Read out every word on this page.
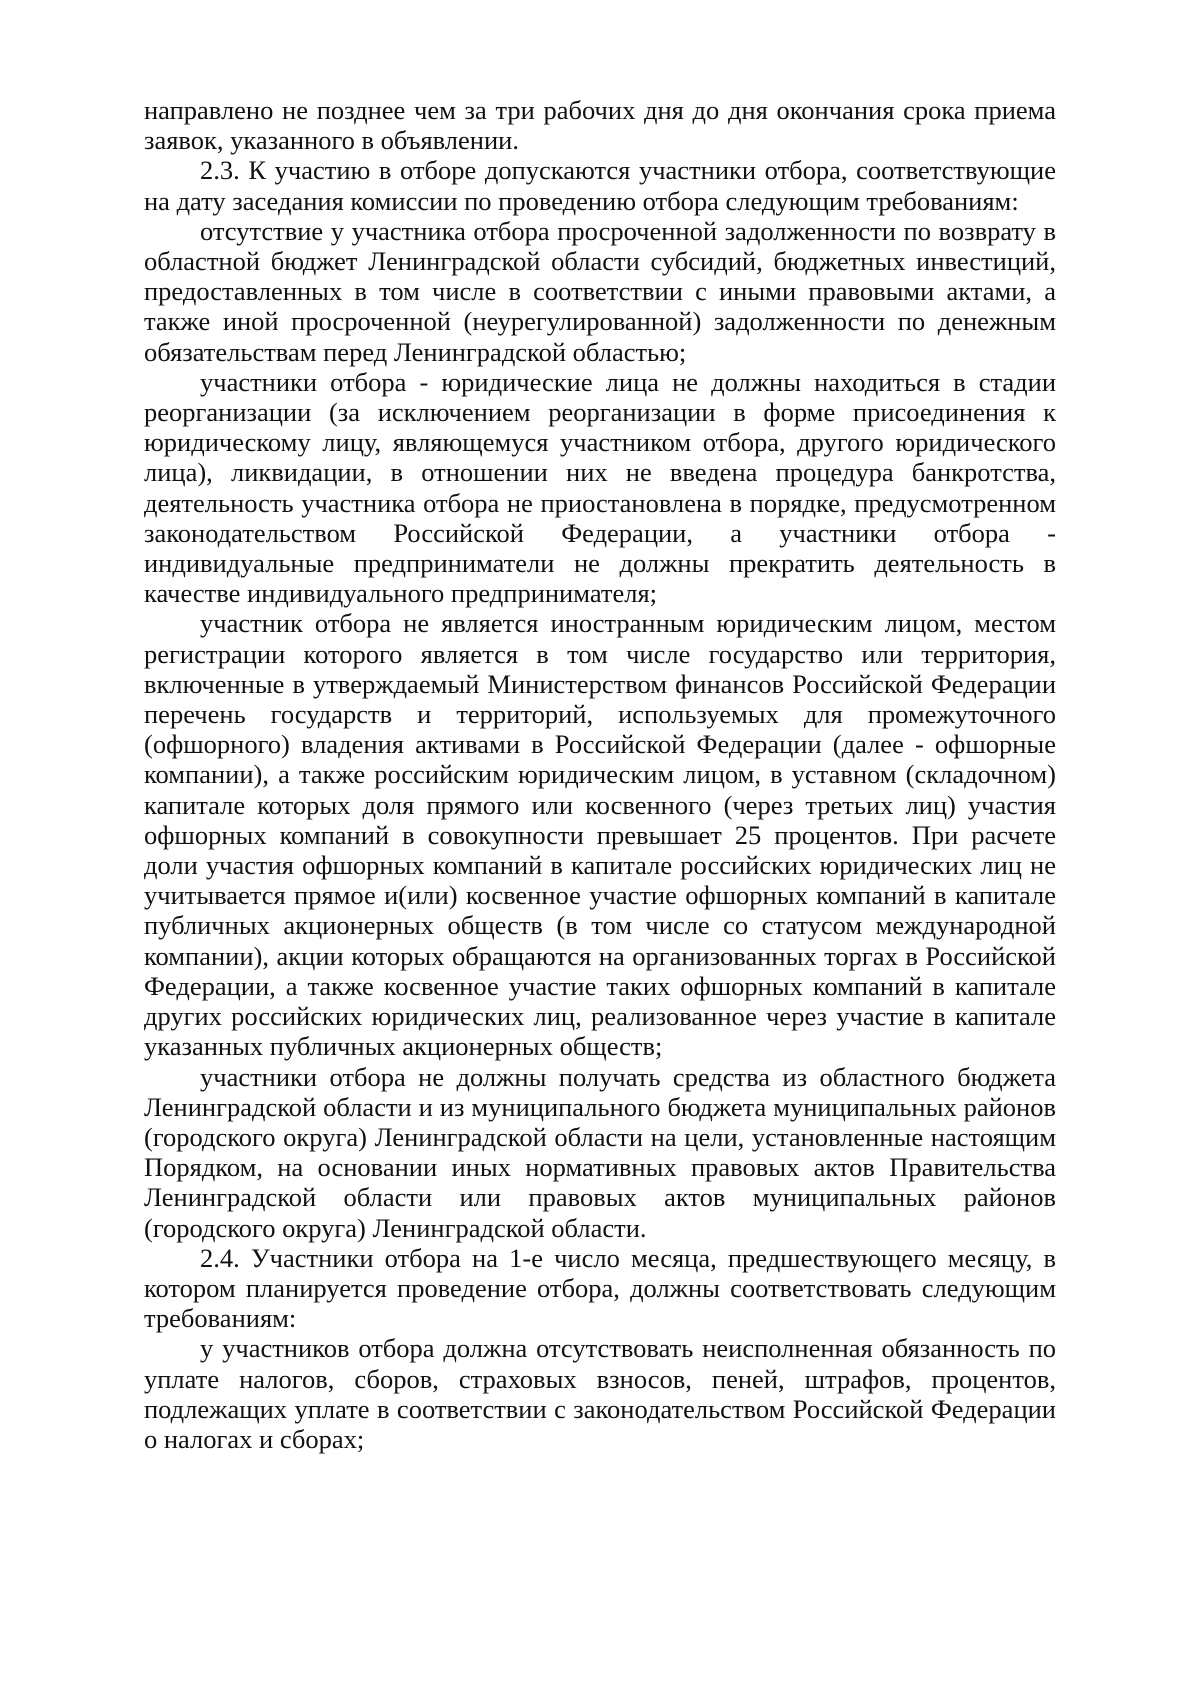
направлено не позднее чем за три рабочих дня до дня окончания срока приема заявок, указанного в объявлении.

2.3. К участию в отборе допускаются участники отбора, соответствующие на дату заседания комиссии по проведению отбора следующим требованиям:

отсутствие у участника отбора просроченной задолженности по возврату в областной бюджет Ленинградской области субсидий, бюджетных инвестиций, предоставленных в том числе в соответствии с иными правовыми актами, а также иной просроченной (неурегулированной) задолженности по денежным обязательствам перед Ленинградской областью;

участники отбора - юридические лица не должны находиться в стадии реорганизации (за исключением реорганизации в форме присоединения к юридическому лицу, являющемуся участником отбора, другого юридического лица), ликвидации, в отношении них не введена процедура банкротства, деятельность участника отбора не приостановлена в порядке, предусмотренном законодательством Российской Федерации, а участники отбора - индивидуальные предприниматели не должны прекратить деятельность в качестве индивидуального предпринимателя;

участник отбора не является иностранным юридическим лицом, местом регистрации которого является в том числе государство или территория, включенные в утверждаемый Министерством финансов Российской Федерации перечень государств и территорий, используемых для промежуточного (офшорного) владения активами в Российской Федерации (далее - офшорные компании), а также российским юридическим лицом, в уставном (складочном) капитале которых доля прямого или косвенного (через третьих лиц) участия офшорных компаний в совокупности превышает 25 процентов. При расчете доли участия офшорных компаний в капитале российских юридических лиц не учитывается прямое и(или) косвенное участие офшорных компаний в капитале публичных акционерных обществ (в том числе со статусом международной компании), акции которых обращаются на организованных торгах в Российской Федерации, а также косвенное участие таких офшорных компаний в капитале других российских юридических лиц, реализованное через участие в капитале указанных публичных акционерных обществ;

участники отбора не должны получать средства из областного бюджета Ленинградской области и из муниципального бюджета муниципальных районов (городского округа) Ленинградской области на цели, установленные настоящим Порядком, на основании иных нормативных правовых актов Правительства Ленинградской области или правовых актов муниципальных районов (городского округа) Ленинградской области.

2.4. Участники отбора на 1-е число месяца, предшествующего месяцу, в котором планируется проведение отбора, должны соответствовать следующим требованиям:

у участников отбора должна отсутствовать неисполненная обязанность по уплате налогов, сборов, страховых взносов, пеней, штрафов, процентов, подлежащих уплате в соответствии с законодательством Российской Федерации о налогах и сборах;
